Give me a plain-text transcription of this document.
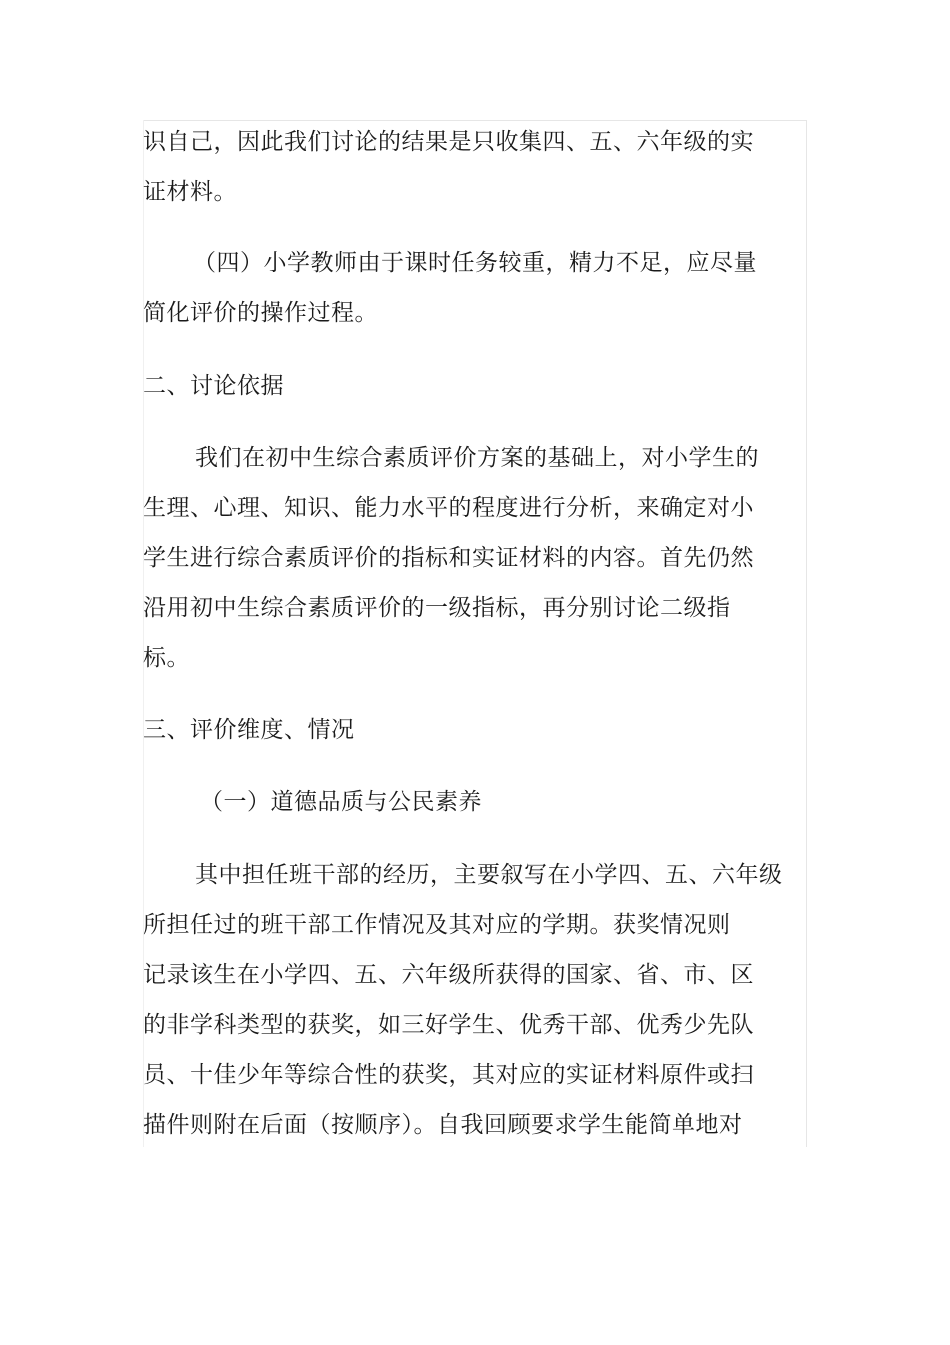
识自己，因此我们讨论的结果是只收集四、五、六年级的实
证材料。
（四）小学教师由于课时任务较重，精力不足，应尽量
简化评价的操作过程。
二、讨论依据
我们在初中生综合素质评价方案的基础上，对小学生的
生理、心理、知识、能力水平的程度进行分析，来确定对小
学生进行综合素质评价的指标和实证材料的内容。首先仍然
沿用初中生综合素质评价的一级指标，再分别讨论二级指
标。
三、评价维度、情况
（一）道德品质与公民素养
其中担任班干部的经历，主要叙写在小学四、五、六年级
所担任过的班干部工作情况及其对应的学期。获奖情况则
记录该生在小学四、五、六年级所获得的国家、省、市、区
的非学科类型的获奖，如三好学生、优秀干部、优秀少先队
员、十佳少年等综合性的获奖，其对应的实证材料原件或扫
描件则附在后面（按顺序）。自我回顾要求学生能简单地对
